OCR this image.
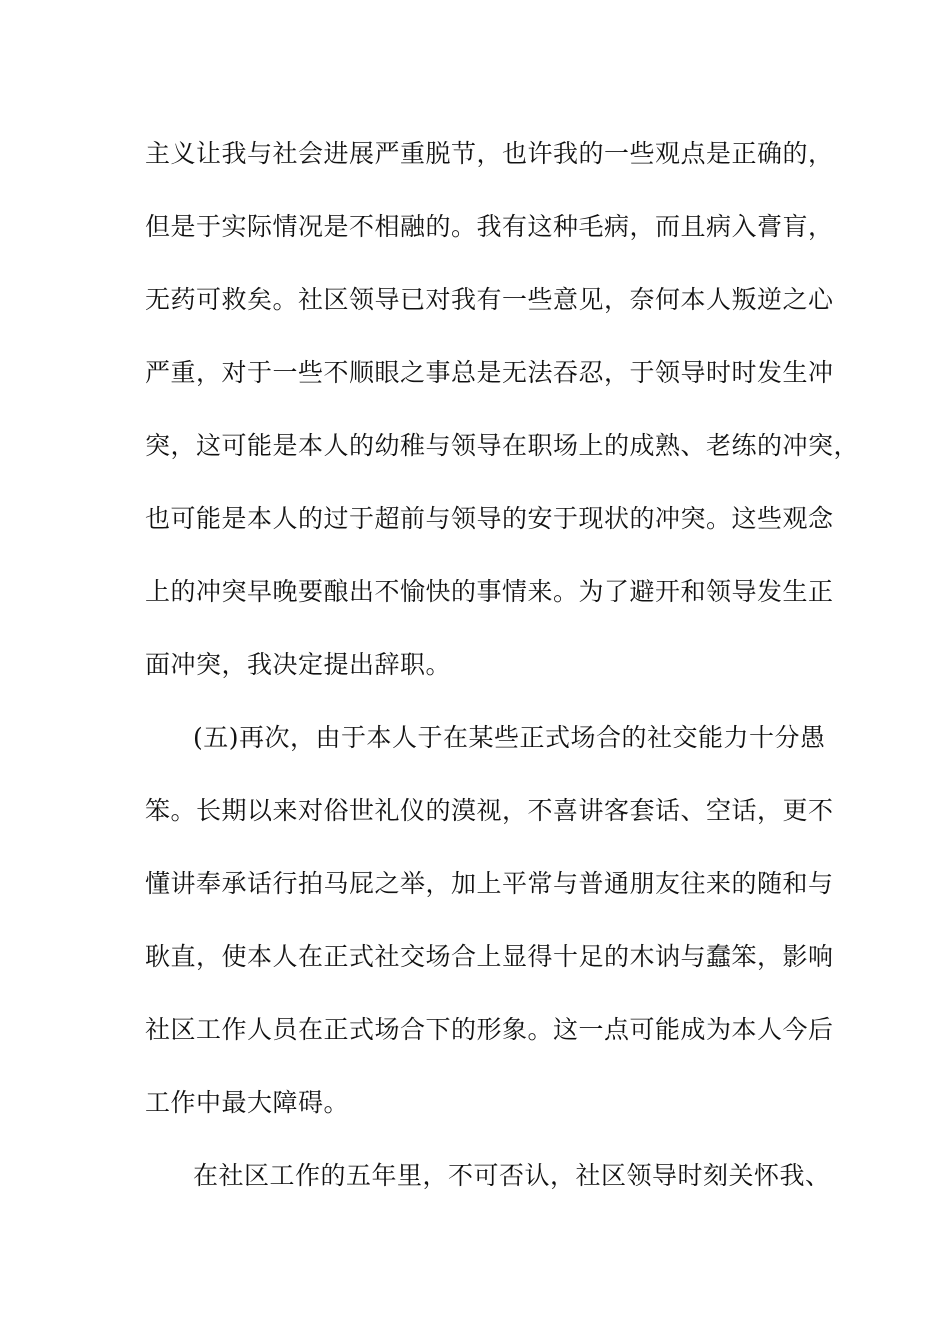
主义让我与社会进展严重脱节，也许我的一些观点是正确的，
但是于实际情况是不相融的。我有这种毛病，而且病入膏肓，
无药可救矣。社区领导已对我有一些意见，奈何本人叛逆之心
严重，对于一些不顺眼之事总是无法吞忍，于领导时时发生冲
突，这可能是本人的幼稚与领导在职场上的成熟、老练的冲突，
也可能是本人的过于超前与领导的安于现状的冲突。这些观念
上的冲突早晚要酿出不愉快的事情来。为了避开和领导发生正
面冲突，我决定提出辞职。
(五)再次，由于本人于在某些正式场合的社交能力十分愚
笨。长期以来对俗世礼仪的漠视，不喜讲客套话、空话，更不
懂讲奉承话行拍马屁之举，加上平常与普通朋友往来的随和与
耿直，使本人在正式社交场合上显得十足的木讷与蠢笨，影响
社区工作人员在正式场合下的形象。这一点可能成为本人今后
工作中最大障碍。
在社区工作的五年里，不可否认，社区领导时刻关怀我、
